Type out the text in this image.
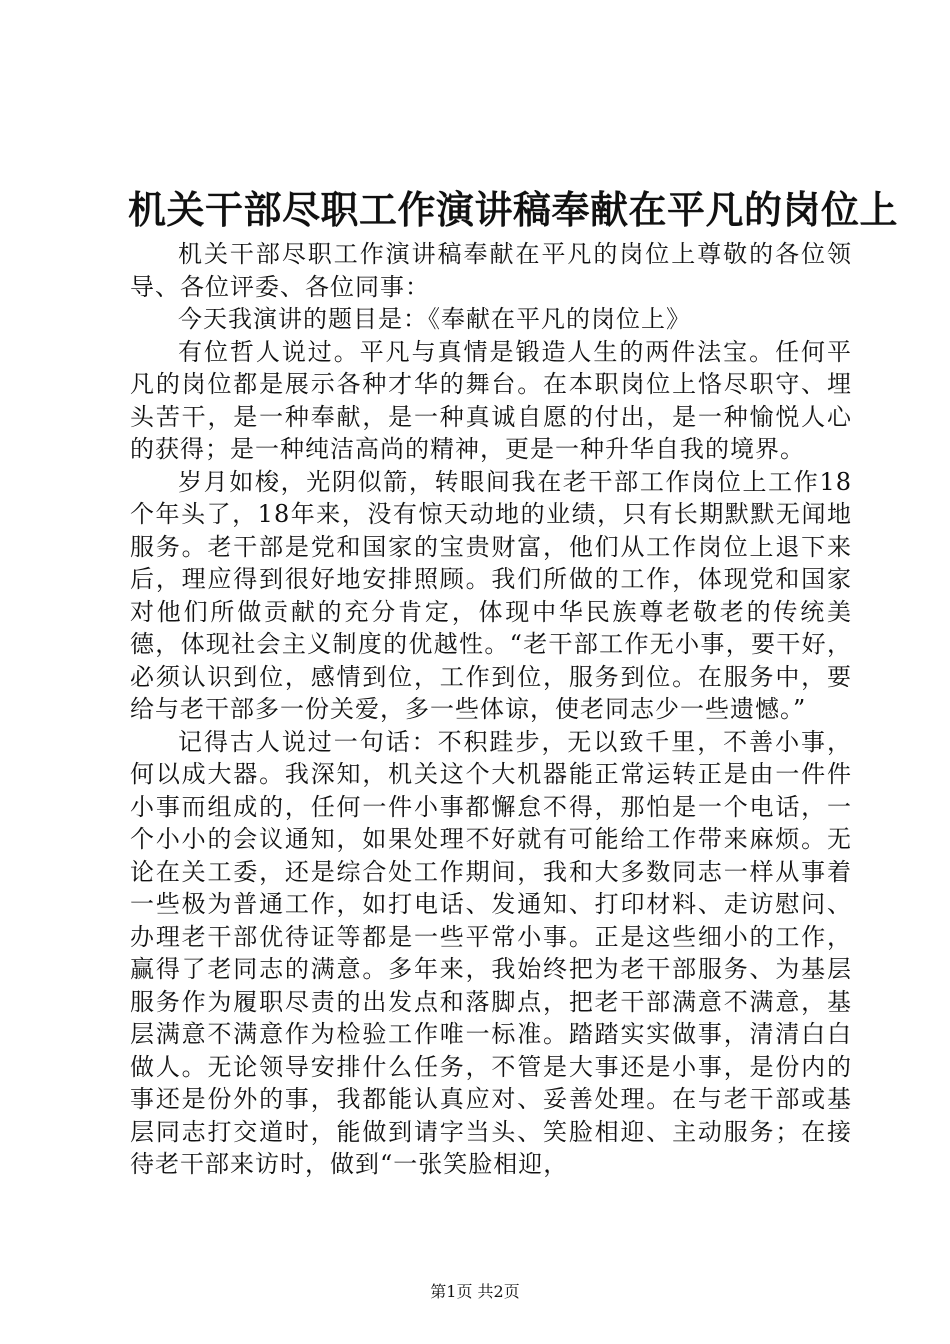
机关干部尽职工作演讲稿奉献在平凡的岗位上

机关干部尽职工作演讲稿奉献在平凡的岗位上尊敬的各位领导、各位评委、各位同事：

今天我演讲的题目是：《奉献在平凡的岗位上》

有位哲人说过。平凡与真情是锻造人生的两件法宝。任何平凡的岗位都是展示各种才华的舞台。在本职岗位上恪尽职守、埋头苦干，是一种奉献，是一种真诚自愿的付出，是一种愉悦人心的获得；是一种纯洁高尚的精神，更是一种升华自我的境界。

岁月如梭，光阴似箭，转眼间我在老干部工作岗位上工作18个年头了，18年来，没有惊天动地的业绩，只有长期默默无闻地服务。老干部是党和国家的宝贵财富，他们从工作岗位上退下来后，理应得到很好地安排照顾。我们所做的工作，体现党和国家对他们所做贡献的充分肯定，体现中华民族尊老敬老的传统美德，体现社会主义制度的优越性。“老干部工作无小事，要干好，必须认识到位，感情到位，工作到位，服务到位。在服务中，要给与老干部多一份关爱，多一些体谅，使老同志少一些遗憾。”

记得古人说过一句话：不积跬步，无以致千里，不善小事，何以成大器。我深知，机关这个大机器能正常运转正是由一件件小事而组成的，任何一件小事都懈怠不得，那怕是一个电话，一个小小的会议通知，如果处理不好就有可能给工作带来麻烦。无论在关工委，还是综合处工作期间，我和大多数同志一样从事着一些极为普通工作，如打电话、发通知、打印材料、走访慰问、办理老干部优待证等都是一些平常小事。正是这些细小的工作，赢得了老同志的满意。多年来，我始终把为老干部服务、为基层服务作为履职尽责的出发点和落脚点，把老干部满意不满意，基层满意不满意作为检验工作唯一标准。踏踏实实做事，清清白白做人。无论领导安排什么任务，不管是大事还是小事，是份内的事还是份外的事，我都能认真应对、妥善处理。在与老干部或基层同志打交道时，能做到请字当头、笑脸相迎、主动服务；在接待老干部来访时，做到“一张笑脸相迎，

第1页 共2页
